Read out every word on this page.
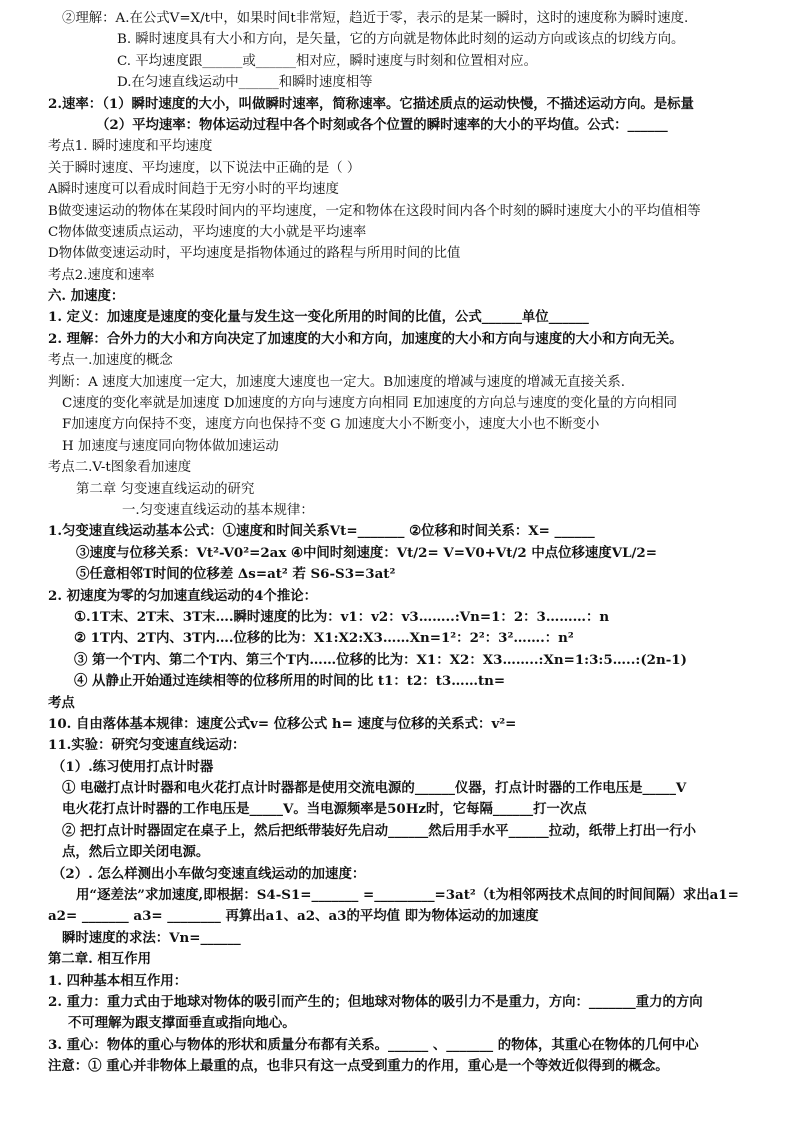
②理解：A.在公式V=X/t中，如果时间t非常短，趋近于零，表示的是某一瞬时，这时的速度称为瞬时速度.
B. 瞬时速度具有大小和方向，是矢量，它的方向就是物体此时刻的运动方向或该点的切线方向。
C. 平均速度跟______或______相对应，瞬时速度与时刻和位置相对应。
D.在匀速直线运动中______和瞬时速度相等
2.速率：（1）瞬时速度的大小，叫做瞬时速率，简称速率。它描述质点的运动快慢，不描述运动方向。是标量
（2）平均速率：物体运动过程中各个时刻或各个位置的瞬时速率的大小的平均值。公式：______
考点1. 瞬时速度和平均速度
关于瞬时速度、平均速度，以下说法中正确的是（ ）
A瞬时速度可以看成时间趋于无穷小时的平均速度
B做变速运动的物体在某段时间内的平均速度，一定和物体在这段时间内各个时刻的瞬时速度大小的平均值相等
C物体做变速质点运动，平均速度的大小就是平均速率
D物体做变速运动时，平均速度是指物体通过的路程与所用时间的比值
考点2.速度和速率
六. 加速度：
1. 定义：加速度是速度的变化量与发生这一变化所用的时间的比值，公式______单位______
2. 理解：合外力的大小和方向决定了加速度的大小和方向，加速度的大小和方向与速度的大小和方向无关。
考点一.加速度的概念
判断：A 速度大加速度一定大，加速度大速度也一定大。B加速度的增减与速度的增减无直接关系.
C速度的变化率就是加速度 D加速度的方向与速度方向相同 E加速度的方向总与速度的变化量的方向相同
F加速度方向保持不变，速度方向也保持不变 G 加速度大小不断变小，速度大小也不断变小
H 加速度与速度同向物体做加速运动
考点二.V-t图象看加速度
第二章 匀变速直线运动的研究
一.匀变速直线运动的基本规律：
1.匀变速直线运动基本公式：①速度和时间关系Vt=_______ ②位移和时间关系：X= ______
③速度与位移关系：Vt²-V0²=2ax ④中间时刻速度：Vt/2= V=V0+Vt/2 中点位移速度VL/2=
⑤任意相邻T时间的位移差 Δs=at² 若 S6-S3=3at²
2. 初速度为零的匀加速直线运动的4个推论：
①.1T末、2T末、3T末….瞬时速度的比为：v1：v2：v3……..:Vn=1：2：3………：n
② 1T内、2T内、3T内….位移的比为：X1:X2:X3……Xn=1²：2²：3²…….：n²
③ 第一个T内、第二个T内、第三个T内……位移的比为：X1：X2：X3……..:Xn=1:3:5…..:(2n-1)
④ 从静止开始通过连续相等的位移所用的时间的比 t1：t2：t3……tn=
考点
10. 自由落体基本规律：速度公式v= 位移公式 h= 速度与位移的关系式：v²=
11.实验：研究匀变速直线运动：
（1）.练习使用打点计时器
① 电磁打点计时器和电火花打点计时器都是使用交流电源的______仪器，打点计时器的工作电压是_____V
电火花打点计时器的工作电压是_____V。当电源频率是50Hz时，它每隔______打一次点
② 把打点计时器固定在桌子上，然后把纸带装好先启动______然后用手水平______拉动，纸带上打出一行小
点，然后立即关闭电源。
（2）. 怎么样测出小车做匀变速直线运动的加速度：
用“逐差法”求加速度,即根据：S4-S1=_______ =_________=3at²（t为相邻两技术点间的时间间隔）求出a1=
a2= _______ a3= ________ 再算出a1、a2、a3的平均值 即为物体运动的加速度
瞬时速度的求法：Vn=______
第二章. 相互作用
1. 四种基本相互作用：
2. 重力：重力式由于地球对物体的吸引而产生的；但地球对物体的吸引力不是重力，方向：_______重力的方向
不可理解为跟支撑面垂直或指向地心。
3. 重心：物体的重心与物体的形状和质量分布都有关系。______ 、_______ 的物体，其重心在物体的几何中心
注意：① 重心并非物体上最重的点，也非只有这一点受到重力的作用，重心是一个等效近似得到的概念。
